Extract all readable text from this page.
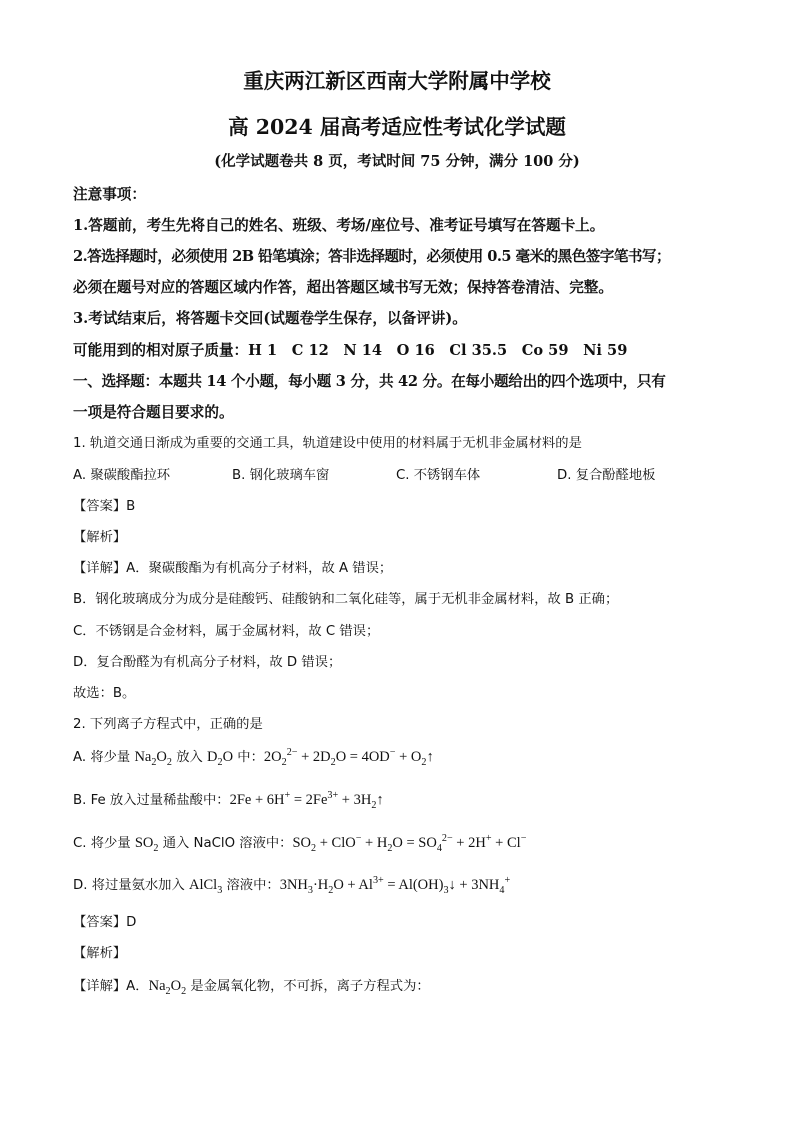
重庆两江新区西南大学附属中学校
高 2024 届高考适应性考试化学试题
(化学试题卷共 8 页，考试时间 75 分钟，满分 100 分)
注意事项：
1.答题前，考生先将自己的姓名、班级、考场/座位号、准考证号填写在答题卡上。
2.答选择题时，必须使用 2B 铅笔填涂；答非选择题时，必须使用 0.5 毫米的黑色签字笔书写；
必须在题号对应的答题区域内作答，超出答题区域书写无效；保持答卷清洁、完整。
3.考试结束后，将答题卡交回(试题卷学生保存，以备评讲)。
可能用到的相对原子质量：H 1　C 12　N 14　O 16　Cl 35.5　Co 59　Ni 59
一、选择题：本题共 14 个小题，每小题 3 分，共 42 分。在每小题给出的四个选项中，只有
一项是符合题目要求的。
1. 轨道交通日渐成为重要的交通工具，轨道建设中使用的材料属于无机非金属材料的是
A. 聚碳酸酯拉环	B. 钢化玻璃车窗	C. 不锈钢车体	D. 复合酚醛地板
【答案】B
【解析】
【详解】A．聚碳酸酯为有机高分子材料，故 A 错误；
B．钢化玻璃成分为成分是硅酸钙、硅酸钠和二氧化硅等，属于无机非金属材料，故 B 正确；
C．不锈钢是合金材料，属于金属材料，故 C 错误；
D．复合酚醛为有机高分子材料，故 D 错误；
故选：B。
2. 下列离子方程式中，正确的是
A. 将少量 $Na_2O_2$ 放入 $D_2O$ 中：$2O_2^{2-} + 2D_2O = 4OD^-$ + $O_2↑$
B. Fe 放入过量稀盐酸中：$2Fe + 6H^+ = 2Fe^{3+}$ + $3H_2↑$
C. 将少量 $SO_2$ 通入 NaClO 溶液中：$SO_2 + ClO^- + H_2O = SO_4^{2-} + 2H^+ + Cl^-$
D. 将过量氨水加入 AlCl$_3$ 溶液中：$3NH_3\cdot H_2O + Al^{3+}$ = $Al(OH)_3↓ + 3NH_4^+$
【答案】D
【解析】
【详解】A．$Na_2O_2$ 是金属氧化物，不可拆，离子方程式为：
